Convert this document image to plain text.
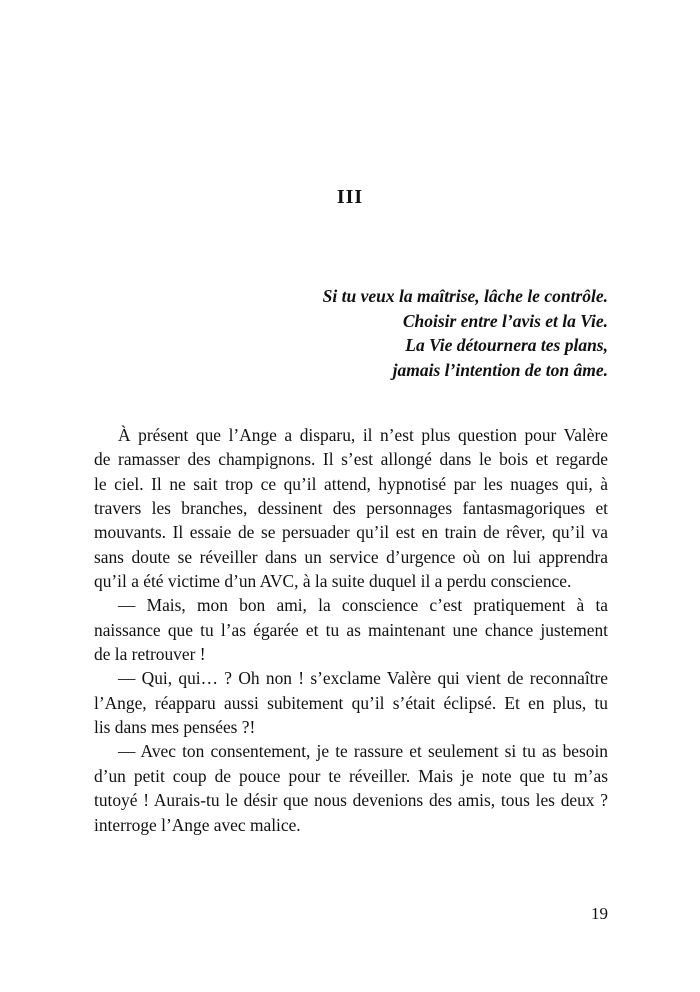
III
Si tu veux la maîtrise, lâche le contrôle.
Choisir entre l’avis et la Vie.
La Vie détournera tes plans,
jamais l’intention de ton âme.
À présent que l’Ange a disparu, il n’est plus question pour Valère
de ramasser des champignons. Il s’est allongé dans le bois et regarde
le ciel. Il ne sait trop ce qu’il attend, hypnotisé par les nuages qui, à
travers les branches, dessinent des personnages fantasmagoriques et
mouvants. Il essaie de se persuader qu’il est en train de rêver, qu’il va
sans doute se réveiller dans un service d’urgence où on lui apprendra
qu’il a été victime d’un AVC, à la suite duquel il a perdu conscience.
— Mais, mon bon ami, la conscience c’est pratiquement à ta
naissance que tu l’as égarée et tu as maintenant une chance justement
de la retrouver !
— Qui, qui… ? Oh non ! s’exclame Valère qui vient de reconnaître
l’Ange, réapparu aussi subitement qu’il s’était éclipsé. Et en plus, tu
lis dans mes pensées ?!
— Avec ton consentement, je te rassure et seulement si tu as besoin
d’un petit coup de pouce pour te réveiller. Mais je note que tu m’as
tutoyé ! Aurais-tu le désir que nous devenions des amis, tous les deux ?
interroge l’Ange avec malice.
19
